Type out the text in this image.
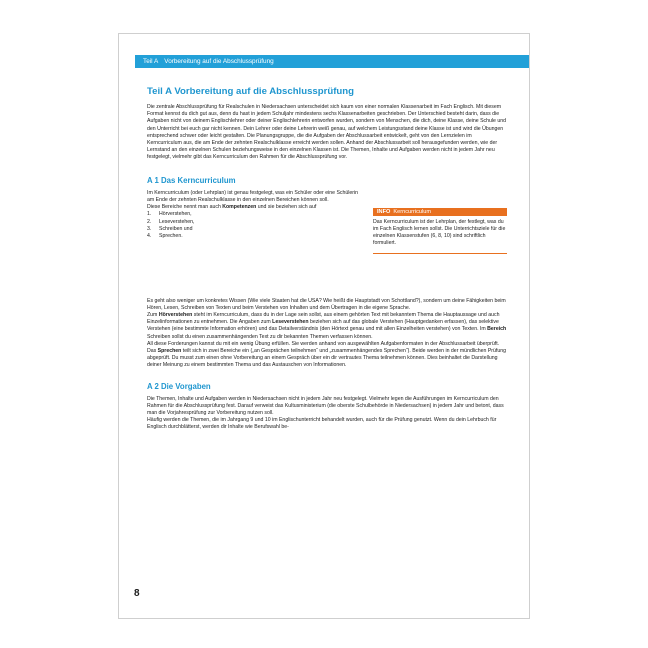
Teil A Vorbereitung auf die Abschlussprüfung
Teil A Vorbereitung auf die Abschlussprüfung

Die zentrale Abschlussprüfung für Realschulen in Niedersachsen unterscheidet sich kaum von einer normalen Klassenarbeit im Fach Englisch. Mit diesem Format kennst du dich gut aus, denn du hast in jedem Schuljahr mindestens sechs Klassenarbeiten geschrieben. Der Unterschied besteht darin, dass die Aufgaben nicht von deinem Englischlehrer oder deiner Englischlehrerin entworfen wurden, sondern von Menschen, die dich, deine Klasse, deine Schule und den Unterricht bei euch gar nicht kennen. Dein Lehrer oder deine Lehrerin weiß genau, auf welchem Leistungsstand deine Klasse ist und wird die Übungen entsprechend schwer oder leicht gestalten. Die Planungsgruppe, die die Aufgaben der Abschlussarbeit entwickelt, geht von den Lernzielen im Kerncurriculum aus, die am Ende der zehnten Realschulklasse erreicht werden sollen. Anhand der Abschlussarbeit soll herausgefunden werden, wie der Lernstand an den einzelnen Schulen beziehungsweise in den einzelnen Klassen ist. Die Themen, Inhalte und Aufgaben werden nicht in jedem Jahr neu festgelegt, vielmehr gibt das Kerncurriculum den Rahmen für die Abschlussprüfung vor.

A 1 Das Kerncurriculum

Im Kerncurriculum (oder Lehrplan) ist genau festgelegt, was ein Schüler oder eine Schülerin am Ende der zehnten Realschulklasse in den einzelnen Bereichen können soll.

Diese Bereiche nennt man auch Kompetenzen und sie beziehen sich auf

1. Hörverstehen,
2. Leseverstehen,
3. Schreiben und
4. Sprechen.
INFO Kerncurriculum
Das Kerncurriculum ist der Lehrplan, der festlegt, was du im Fach Englisch lernen sollst. Die Unterrichtsziele für die einzelnen Klassenstufen (6, 8, 10) sind schriftlich formuliert.

Es geht also weniger um konkretes Wissen (Wie viele Staaten hat die USA? Wie heißt die Hauptstadt von Schottland?), sondern um deine Fähigkeiten beim Hören, Lesen, Schreiben von Texten und beim Verstehen von Inhalten und dem Übertragen in die eigene Sprache.

Zum Hörverstehen steht im Kerncurriculum, dass du in der Lage sein sollst, aus einem gehörten Text mit bekanntem Thema die Hauptaussage und auch Einzelinformationen zu entnehmen. Die Angaben zum Leseverstehen beziehen sich auf das globale Verstehen (Hauptgedanken erfassen), das selektive Verstehen (eine bestimmte Information erhören) und das Detailverständnis (den Hörtext genau und mit allen Einzelheiten verstehen) von Texten. Im Bereich Schreiben sollst du einen zusammenhängenden Text zu dir bekannten Themen verfassen können.

All diese Forderungen kannst du mit ein wenig Übung erfüllen. Sie werden anhand von ausgewählten Aufgabenformaten in der Abschlussarbeit überprüft. Das Sprechen teilt sich in zwei Bereiche ein („an Gesprächen teilnehmen“ und „zusammenhängendes Sprechen“). Beide werden in der mündlichen Prüfung abgeprüft. Du musst zum einen ohne Vorbereitung an einem Gespräch über ein dir vertrautes Thema teilnehmen können. Dies beinhaltet die Darstellung deiner Meinung zu einem bestimmten Thema und das Austauschen von Informationen.

A 2 Die Vorgaben

Die Themen, Inhalte und Aufgaben werden in Niedersachsen nicht in jedem Jahr neu festgelegt. Vielmehr legen die Ausführungen im Kerncurriculum den Rahmen für die Abschlussprüfung fest. Darauf verweist das Kultusministerium (die oberste Schulbehörde in Niedersachsen) in jedem Jahr und betont, dass man die Vorjahresprüfung zur Vorbereitung nutzen soll.

Häufig werden die Themen, die im Jahrgang 9 und 10 im Englischunterricht behandelt wurden, auch für die Prüfung genutzt. Wenn du dein Lehrbuch für Englisch durchblätterst, werden dir Inhalte wie Berufswahl be-

8
